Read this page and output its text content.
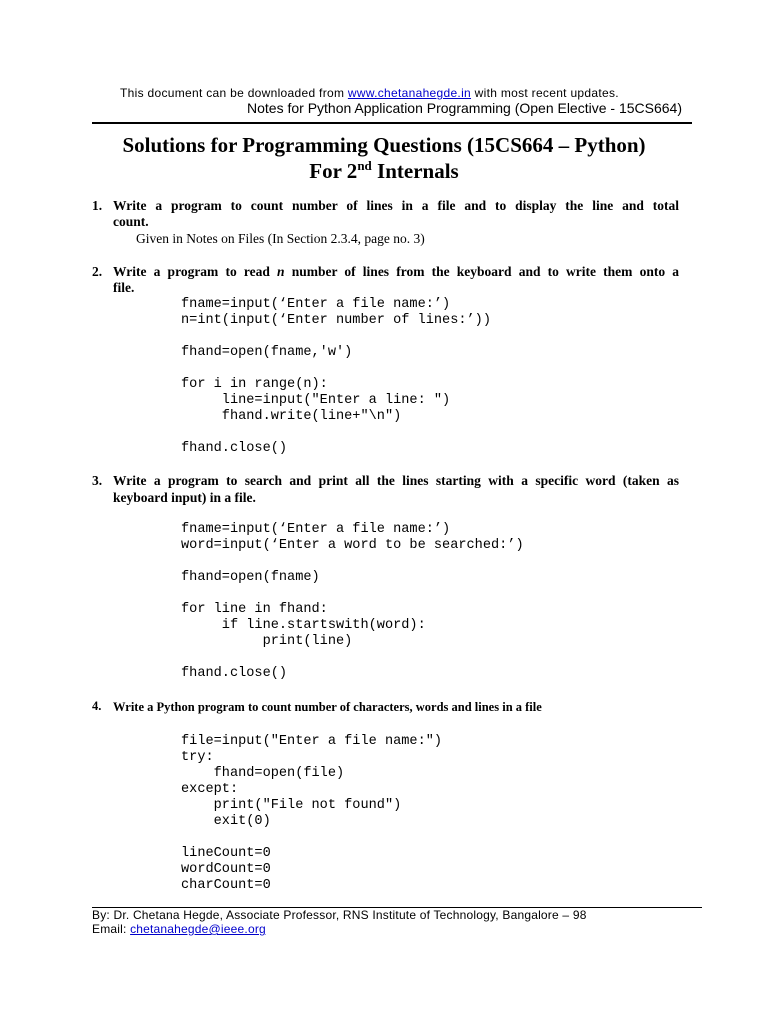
This document can be downloaded from www.chetanahegde.in with most recent updates.
Notes for Python Application Programming (Open Elective - 15CS664)
Solutions for Programming Questions (15CS664 – Python)
For 2nd Internals
1. Write a program to count number of lines in a file and to display the line and total
count.
Given in Notes on Files (In Section 2.3.4, page no. 3)
2. Write a program to read n number of lines from the keyboard and to write them onto a
file.
fname=input(‘Enter a file name:’)
n=int(input(‘Enter number of lines:’))

fhand=open(fname,'w')

for i in range(n):
line=input("Enter a line: ")
fhand.write(line+"\n")

fhand.close()
3. Write a program to search and print all the lines starting with a specific word (taken as
keyboard input) in a file.
fname=input(‘Enter a file name:’)
word=input(‘Enter a word to be searched:’)

fhand=open(fname)

for line in fhand:
if line.startswith(word):
print(line)

fhand.close()
4. Write a Python program to count number of characters, words and lines in a file
file=input("Enter a file name:")
try:
fhand=open(file)
except:
print("File not found")
exit(0)

lineCount=0
wordCount=0
charCount=0
By: Dr. Chetana Hegde, Associate Professor, RNS Institute of Technology, Bangalore – 98
Email: chetanahegde@ieee.org
